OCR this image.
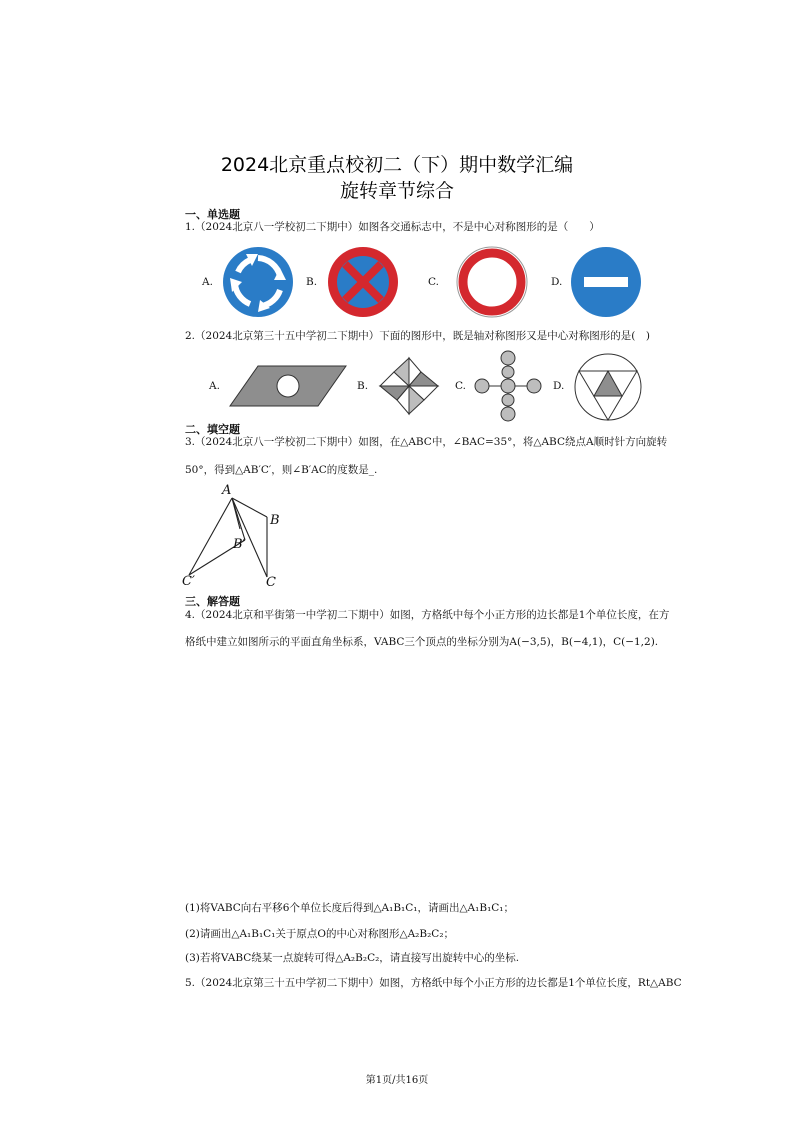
2024北京重点校初二（下）期中数学汇编
旋转章节综合
一、单选题
1.（2024北京八一学校初二下期中）如图各交通标志中，不是中心对称图形的是（　　）
A.	B.	C.	D.
2.（2024北京第三十五中学初二下期中）下面的图形中，既是轴对称图形又是中心对称图形的是(　)
A.	B.	C.	D.
二、填空题
3.（2024北京八一学校初二下期中）如图，在△ABC中，∠BAC=35°，将△ABC绕点A顺时针方向旋转
50°，得到△AB′C′，则∠B′AC的度数是_.
A
B
B′
C′	C
三、解答题
4.（2024北京和平街第一中学初二下期中）如图，方格纸中每个小正方形的边长都是1个单位长度，在方
格纸中建立如图所示的平面直角坐标系，VABC三个顶点的坐标分别为A(−3,5)，B(−4,1)，C(−1,2).
(1)将VABC向右平移6个单位长度后得到△A₁B₁C₁，请画出△A₁B₁C₁；
(2)请画出△A₁B₁C₁关于原点O的中心对称图形△A₂B₂C₂；
(3)若将VABC绕某一点旋转可得△A₂B₂C₂，请直接写出旋转中心的坐标.
5.（2024北京第三十五中学初二下期中）如图，方格纸中每个小正方形的边长都是1个单位长度，Rt△ABC
第1页/共16页
